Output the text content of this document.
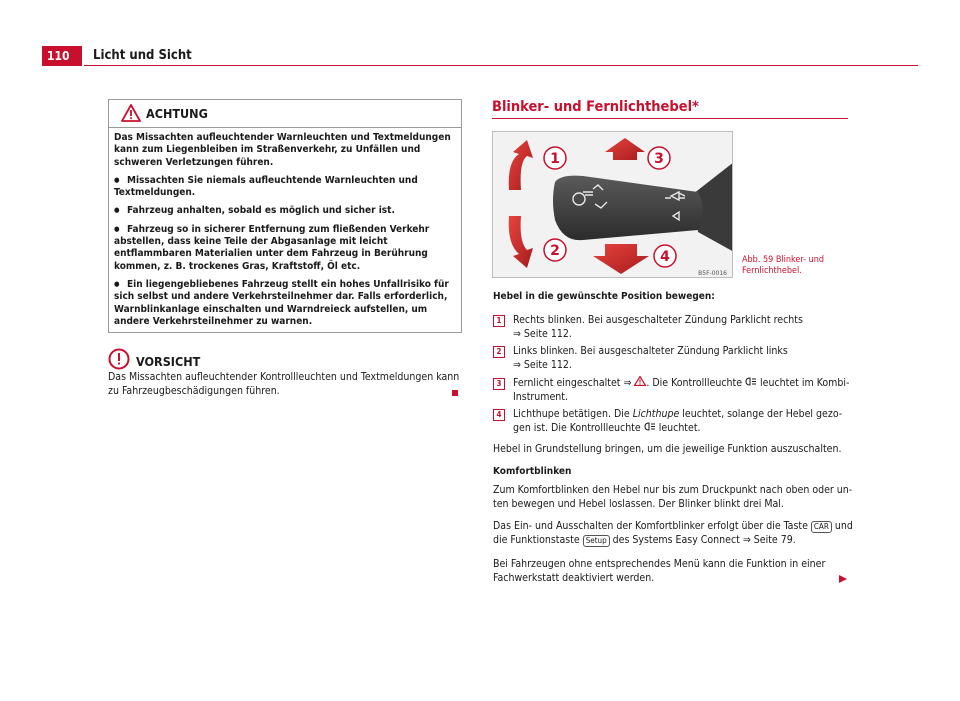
110	Licht und Sicht
ACHTUNG

Das Missachten aufleuchtender Warnleuchten und Textmeldungen kann zum Liegenbleiben im Straßenverkehr, zu Unfällen und schweren Verletzungen führen.

● Missachten Sie niemals aufleuchtende Warnleuchten und Textmeldungen.

● Fahrzeug anhalten, sobald es möglich und sicher ist.

● Fahrzeug so in sicherer Entfernung zum fließenden Verkehr abstellen, dass keine Teile der Abgasanlage mit leicht entflammbaren Materialien unter dem Fahrzeug in Berührung kommen, z. B. trockenes Gras, Kraftstoff, Öl etc.

● Ein liegengebliebenes Fahrzeug stellt ein hohes Unfallrisiko für sich selbst und andere Verkehrsteilnehmer dar. Falls erforderlich, Warnblinkanlage einschalten und Warndreieck aufstellen, um andere Verkehrsteilnehmer zu warnen.

VORSICHT
Das Missachten aufleuchtender Kontrollleuchten und Textmeldungen kann zu Fahrzeugbeschädigungen führen.
Blinker- und Fernlichthebel*
1
2
3
4
B5F-0016
Abb. 59 Blinker- und
Fernlichthebel.
Hebel in die gewünschte Position bewegen:
1	Rechts blinken. Bei ausgeschalteter Zündung Parklicht rechts
⇒ Seite 112.
2	Links blinken. Bei ausgeschalteter Zündung Parklicht links
⇒ Seite 112.
3	Fernlicht eingeschaltet ⇒ . Die Kontrollleuchte  leuchtet im Kombi-
Instrument.
4	Lichthupe betätigen. Die Lichthupe leuchtet, solange der Hebel gezo-
gen ist. Die Kontrollleuchte  leuchtet.
Hebel in Grundstellung bringen, um die jeweilige Funktion auszuschalten.
Komfortblinken
Zum Komfortblinken den Hebel nur bis zum Druckpunkt nach oben oder un-
ten bewegen und Hebel loslassen. Der Blinker blinkt drei Mal.
Das Ein- und Ausschalten der Komfortblinker erfolgt über die Taste CAR und
die Funktionstaste Setup des Systems Easy Connect ⇒ Seite 79.
Bei Fahrzeugen ohne entsprechendes Menü kann die Funktion in einer
Fachwerkstatt deaktiviert werden.
